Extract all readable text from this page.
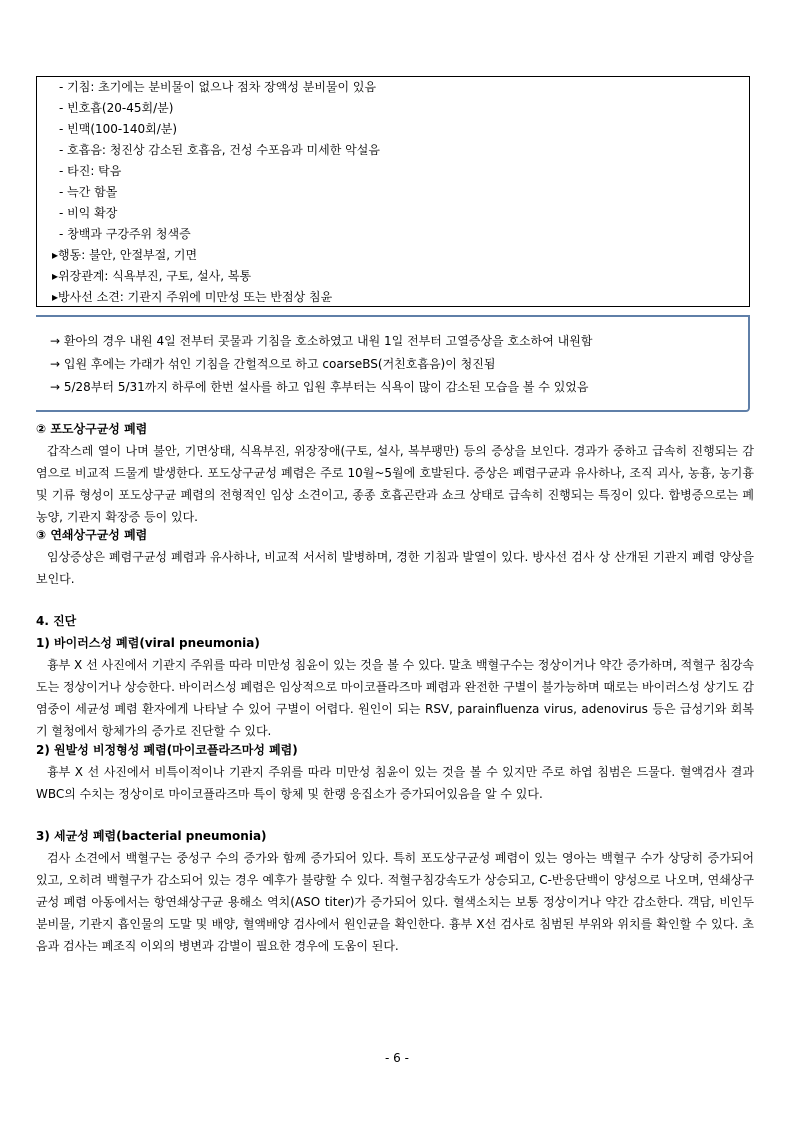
- 기침: 초기에는 분비물이 없으나 점차 장액성 분비물이 있음
- 빈호흡(20-45회/분)
- 빈맥(100-140회/분)
- 호흡음: 청진상 감소된 호흡음, 건성 수포음과 미세한 악설음
- 타진: 탁음
- 늑간 함몰
- 비익 확장
- 창백과 구강주위 청색증
▸행동: 불안, 안절부절, 기면
▸위장관계: 식욕부진, 구토, 설사, 복통
▸방사선 소견: 기관지 주위에 미만성 또는 반점상 침윤
→ 환아의 경우 내원 4일 전부터 콧물과 기침을 호소하였고 내원 1일 전부터 고열증상을 호소하여 내원함
→ 입원 후에는 가래가 섞인 기침을 간헐적으로 하고 coarseBS(거친호흡음)이 청진됨
→ 5/28부터 5/31까지 하루에 한번 설사를 하고 입원 후부터는 식욕이 많이 감소된 모습을 볼 수 있었음
② 포도상구균성 폐렴
갑작스레 열이 나며 불안, 기면상태, 식욕부진, 위장장애(구토, 설사, 복부팽만) 등의 증상을 보인다. 경과가 중하고 급속히 진행되는 감염으로 비교적 드물게 발생한다. 포도상구균성 폐렴은 주로 10월~5월에 호발된다. 증상은 폐렴구균과 유사하나, 조직 괴사, 농흉, 농기흉 및 기류 형성이 포도상구균 폐렴의 전형적인 임상 소견이고, 종종 호흡곤란과 쇼크 상태로 급속히 진행되는 특징이 있다. 합병증으로는 폐농양, 기관지 확장증 등이 있다.
③ 연쇄상구균성 폐렴
임상증상은 폐렴구균성 폐렴과 유사하나, 비교적 서서히 발병하며, 경한 기침과 발열이 있다. 방사선 검사 상 산개된 기관지 폐렴 양상을 보인다.
4. 진단
1) 바이러스성 폐렴(viral pneumonia)
흉부 X 선 사진에서 기관지 주위를 따라 미만성 침윤이 있는 것을 볼 수 있다. 말초 백혈구수는 정상이거나 약간 증가하며, 적혈구 침강속도는 정상이거나 상승한다. 바이러스성 폐렴은 임상적으로 마이코플라즈마 폐렴과 완전한 구별이 불가능하며 때로는 바이러스성 상기도 감염중이 세균성 폐렴 환자에게 나타날 수 있어 구별이 어렵다. 원인이 되는 RSV, parainfluenza virus, adenovirus 등은 급성기와 회복기 혈청에서 항체가의 증가로 진단할 수 있다.
2) 원발성 비정형성 폐렴(마이코플라즈마성 폐렴)
흉부 X 선 사진에서 비특이적이나 기관지 주위를 따라 미만성 침윤이 있는 것을 볼 수 있지만 주로 하엽 침범은 드물다. 혈액검사 결과 WBC의 수치는 정상이로 마이코플라즈마 특이 항체 및 한랭 응집소가 증가되어있음을 알 수 있다.
3) 세균성 폐렴(bacterial pneumonia)
검사 소견에서 백혈구는 중성구 수의 증가와 함께 증가되어 있다. 특히 포도상구균성 폐렴이 있는 영아는 백혈구 수가 상당히 증가되어 있고, 오히려 백혈구가 감소되어 있는 경우 예후가 불량할 수 있다. 적혈구침강속도가 상승되고, C-반응단백이 양성으로 나오며, 연쇄상구균성 폐렴 아동에서는 항연쇄상구균 용해소 역치(ASO titer)가 증가되어 있다. 혈색소치는 보통 정상이거나 약간 감소한다. 객담, 비인두 분비물, 기관지 흡인물의 도말 및 배양, 혈액배양 검사에서 원인균을 확인한다. 흉부 X선 검사로 침범된 부위와 위치를 확인할 수 있다. 초음과 검사는 폐조직 이외의 병변과 감별이 필요한 경우에 도움이 된다.
- 6 -
